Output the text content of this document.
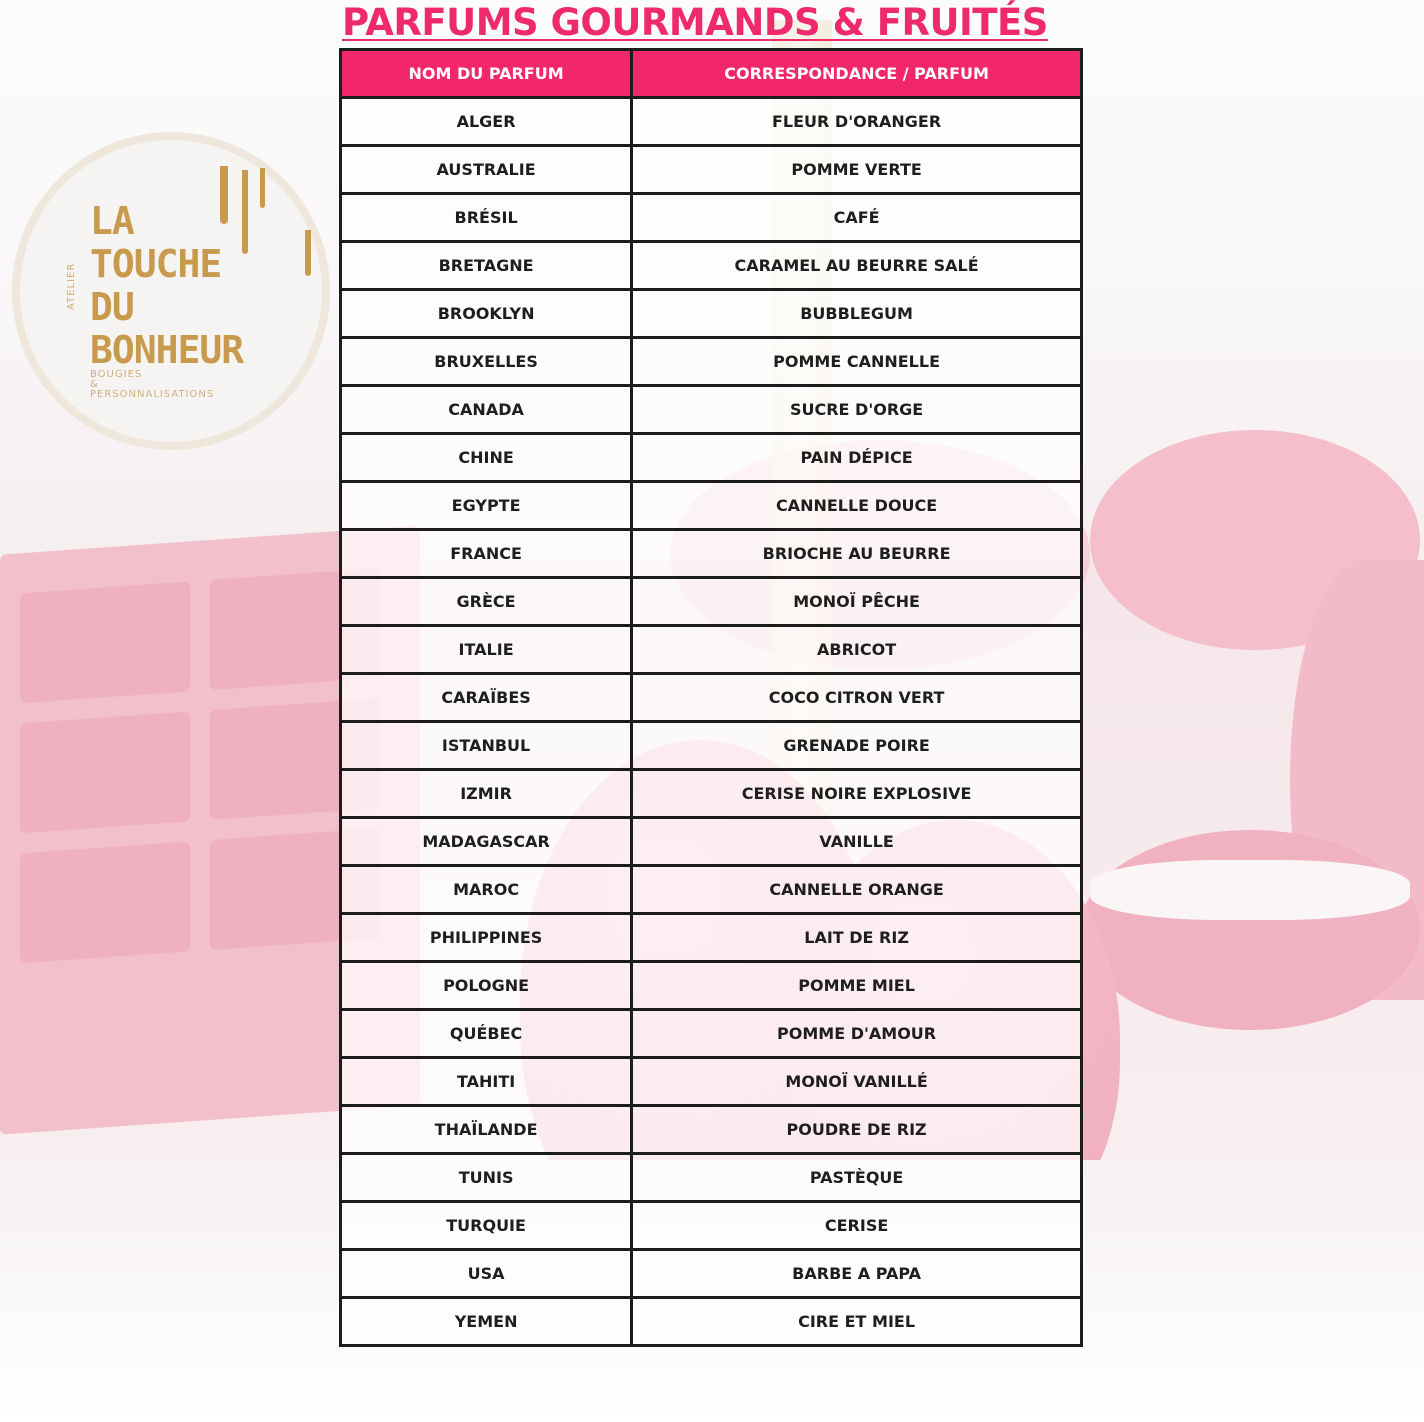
LA
TOUCHE
DU
BONHEUR
ATELIER
BOUGIES
&
PERSONNALISATIONS
PARFUMS GOURMANDS & FRUITÉS
NOM DU PARFUM	CORRESPONDANCE / PARFUM
ALGER	FLEUR D'ORANGER
AUSTRALIE	POMME VERTE
BRÉSIL	CAFÉ
BRETAGNE	CARAMEL AU BEURRE SALÉ
BROOKLYN	BUBBLEGUM
BRUXELLES	POMME CANNELLE
CANADA	SUCRE D'ORGE
CHINE	PAIN DÉPICE
EGYPTE	CANNELLE DOUCE
FRANCE	BRIOCHE AU BEURRE
GRÈCE	MONOÏ PÊCHE
ITALIE	ABRICOT
CARAÏBES	COCO CITRON VERT
ISTANBUL	GRENADE POIRE
IZMIR	CERISE NOIRE EXPLOSIVE
MADAGASCAR	VANILLE
MAROC	CANNELLE ORANGE
PHILIPPINES	LAIT DE RIZ
POLOGNE	POMME MIEL
QUÉBEC	POMME D'AMOUR
TAHITI	MONOÏ VANILLÉ
THAÏLANDE	POUDRE DE RIZ
TUNIS	PASTÈQUE
TURQUIE	CERISE
USA	BARBE A PAPA
YEMEN	CIRE ET MIEL
